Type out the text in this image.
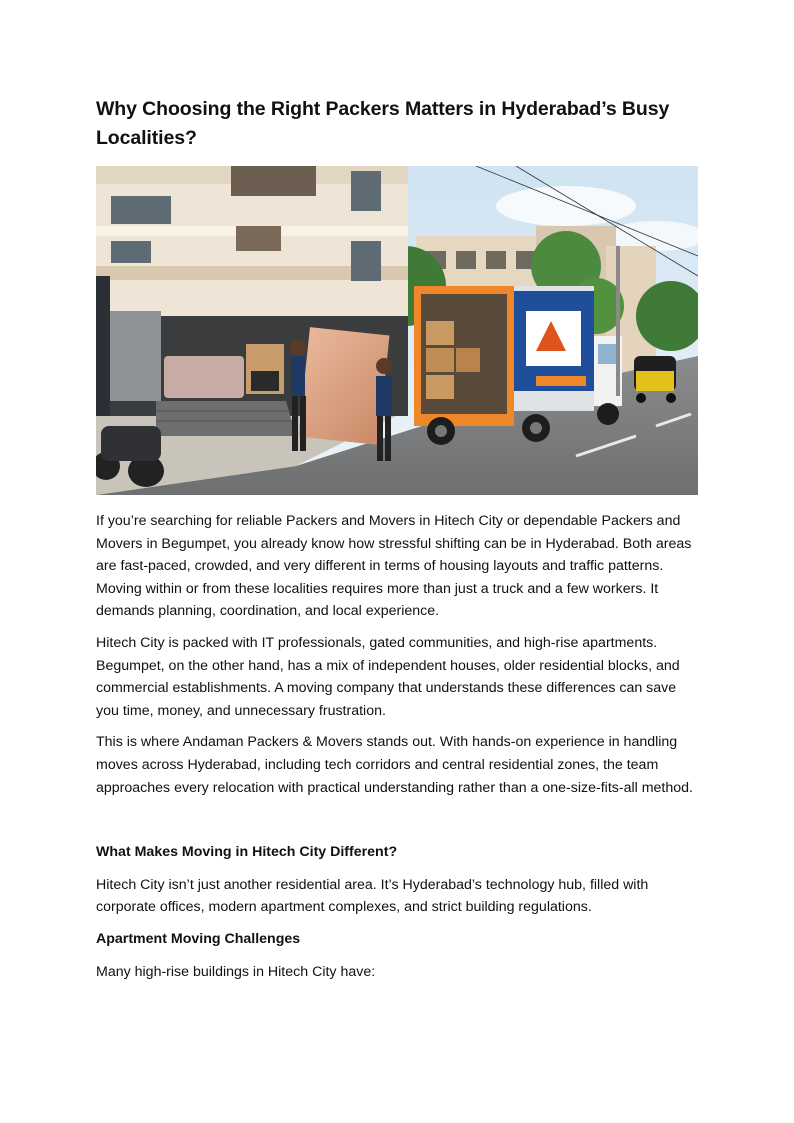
Why Choosing the Right Packers Matters in Hyderabad’s Busy Localities?

If you’re searching for reliable Packers and Movers in Hitech City or dependable Packers and Movers in Begumpet, you already know how stressful shifting can be in Hyderabad. Both areas are fast-paced, crowded, and very different in terms of housing layouts and traffic patterns. Moving within or from these localities requires more than just a truck and a few workers. It demands planning, coordination, and local experience.

Hitech City is packed with IT professionals, gated communities, and high-rise apartments. Begumpet, on the other hand, has a mix of independent houses, older residential blocks, and commercial establishments. A moving company that understands these differences can save you time, money, and unnecessary frustration.

This is where Andaman Packers & Movers stands out. With hands-on experience in handling moves across Hyderabad, including tech corridors and central residential zones, the team approaches every relocation with practical understanding rather than a one-size-fits-all method.

What Makes Moving in Hitech City Different?

Hitech City isn’t just another residential area. It’s Hyderabad’s technology hub, filled with corporate offices, modern apartment complexes, and strict building regulations.

Apartment Moving Challenges

Many high-rise buildings in Hitech City have:
